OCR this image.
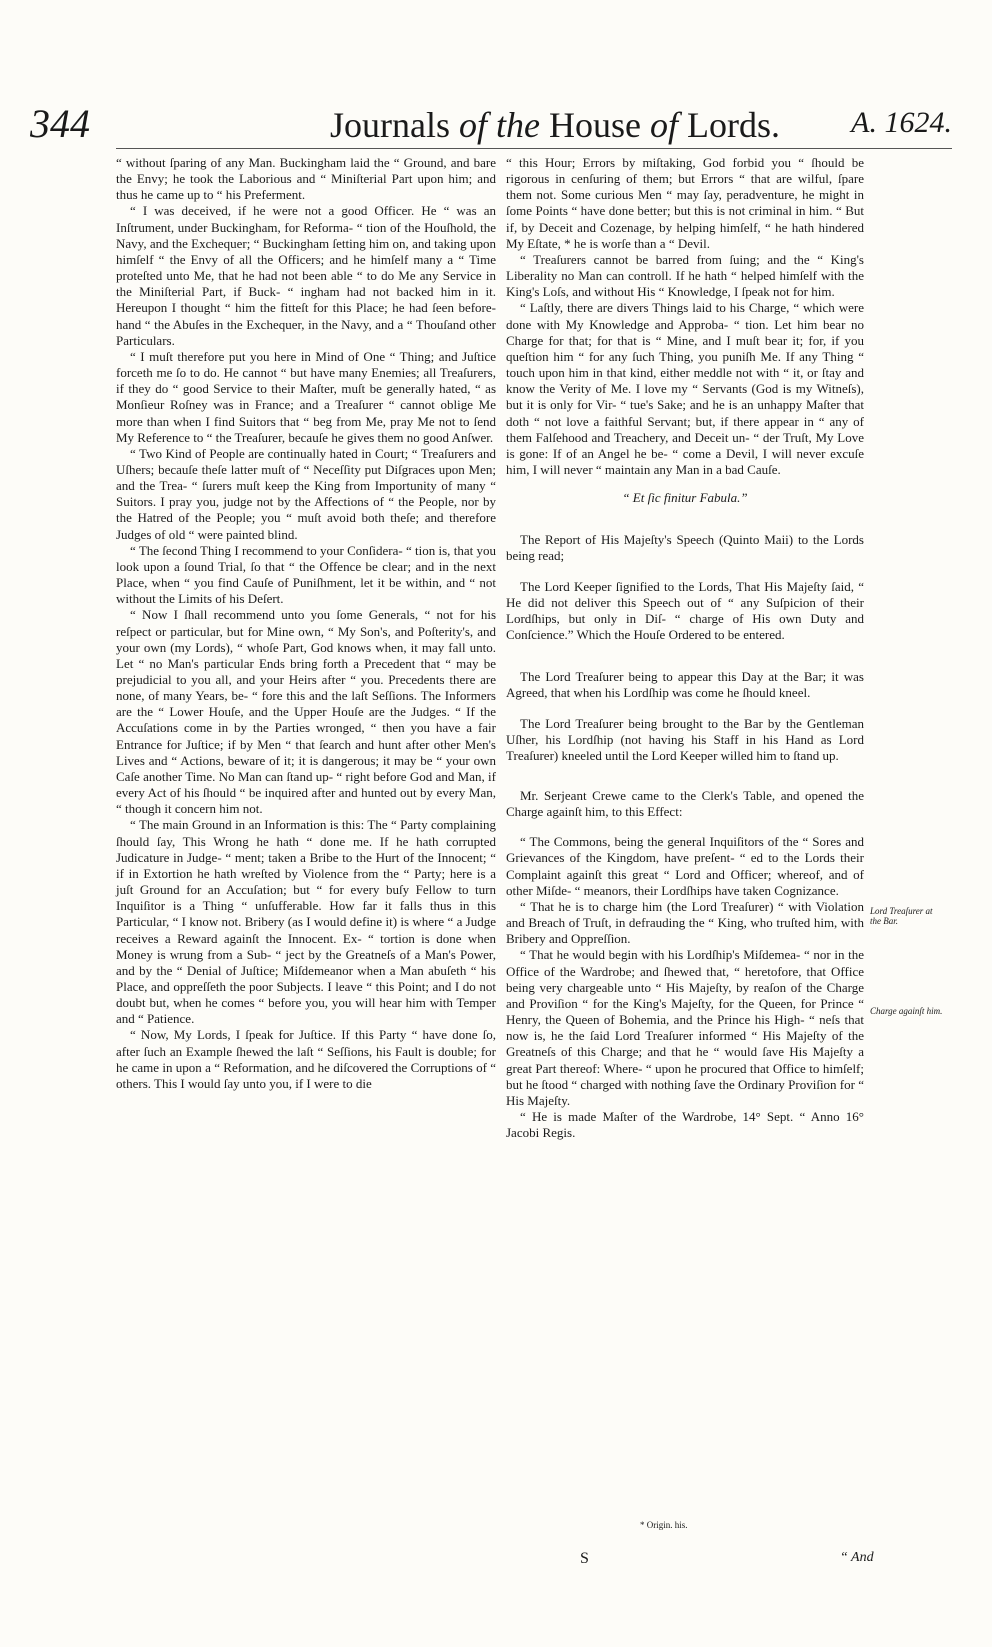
344	Journals of the House of Lords. A. 1624.

“ without ſparing of any Man. Buckingham laid the “ Ground, and bare the Envy; he took the Laborious and “ Miniſterial Part upon him; and thus he came up to “ his Preferment.

“ I was deceived, if he were not a good Officer. He “ was an Inſtrument, under Buckingham, for Reforma- “ tion of the Houſhold, the Navy, and the Exchequer; “ Buckingham ſetting him on, and taking upon himſelf “ the Envy of all the Officers; and he himſelf many a “ Time proteſted unto Me, that he had not been able “ to do Me any Service in the Miniſterial Part, if Buck- “ ingham had not backed him in it. Hereupon I thought “ him the fitteſt for this Place; he had ſeen before-hand “ the Abuſes in the Exchequer, in the Navy, and a “ Thouſand other Particulars.

“ I muſt therefore put you here in Mind of One “ Thing; and Juſtice forceth me ſo to do. He cannot “ but have many Enemies; all Treaſurers, if they do “ good Service to their Maſter, muſt be generally hated, “ as Monſieur Roſney was in France; and a Treaſurer “ cannot oblige Me more than when I find Suitors that “ beg from Me, pray Me not to ſend My Reference to “ the Treaſurer, becauſe he gives them no good Anſwer.

“ Two Kind of People are continually hated in Court; “ Treaſurers and Uſhers; becauſe theſe latter muſt of “ Neceſſity put Diſgraces upon Men; and the Trea- “ ſurers muſt keep the King from Importunity of many “ Suitors. I pray you, judge not by the Affections of “ the People, nor by the Hatred of the People; you “ muſt avoid both theſe; and therefore Judges of old “ were painted blind.

“ The ſecond Thing I recommend to your Conſidera- “ tion is, that you look upon a ſound Trial, ſo that “ the Offence be clear; and in the next Place, when “ you find Cauſe of Puniſhment, let it be within, and “ not without the Limits of his Deſert.

“ Now I ſhall recommend unto you ſome Generals, “ not for his reſpect or particular, but for Mine own, “ My Son's, and Poſterity's, and your own (my Lords), “ whoſe Part, God knows when, it may fall unto. Let “ no Man's particular Ends bring forth a Precedent that “ may be prejudicial to you all, and your Heirs after “ you. Precedents there are none, of many Years, be- “ fore this and the laſt Seſſions. The Informers are the “ Lower Houſe, and the Upper Houſe are the Judges. “ If the Accuſations come in by the Parties wronged, “ then you have a fair Entrance for Juſtice; if by Men “ that ſearch and hunt after other Men's Lives and “ Actions, beware of it; it is dangerous; it may be “ your own Caſe another Time. No Man can ſtand up- “ right before God and Man, if every Act of his ſhould “ be inquired after and hunted out by every Man, “ though it concern him not.

“ The main Ground in an Information is this: The “ Party complaining ſhould ſay, This Wrong he hath “ done me. If he hath corrupted Judicature in Judge- “ ment; taken a Bribe to the Hurt of the Innocent; “ if in Extortion he hath wreſted by Violence from the “ Party; here is a juſt Ground for an Accuſation; but “ for every buſy Fellow to turn Inquiſitor is a Thing “ unſufferable. How far it falls thus in this Particular, “ I know not. Bribery (as I would define it) is where “ a Judge receives a Reward againſt the Innocent. Ex- “ tortion is done when Money is wrung from a Sub- “ ject by the Greatneſs of a Man's Power, and by the “ Denial of Juſtice; Miſdemeanor when a Man abuſeth “ his Place, and oppreſſeth the poor Subjects. I leave “ this Point; and I do not doubt but, when he comes “ before you, you will hear him with Temper and “ Patience.

“ Now, My Lords, I ſpeak for Juſtice. If this Party “ have done ſo, after ſuch an Example ſhewed the laſt “ Seſſions, his Fault is double; for he came in upon a “ Reformation, and he diſcovered the Corruptions of “ others. This I would ſay unto you, if I were to die

“ this Hour; Errors by miſtaking, God forbid you “ ſhould be rigorous in cenſuring of them; but Errors “ that are wilful, ſpare them not. Some curious Men “ may ſay, peradventure, he might in ſome Points “ have done better; but this is not criminal in him. “ But if, by Deceit and Cozenage, by helping himſelf, “ he hath hindered My Eſtate, * he is worſe than a “ Devil.

“ Treaſurers cannot be barred from ſuing; and the “ King's Liberality no Man can controll. If he hath “ helped himſelf with the King's Loſs, and without His “ Knowledge, I ſpeak not for him.

“ Laſtly, there are divers Things laid to his Charge, “ which were done with My Knowledge and Approba- “ tion. Let him bear no Charge for that; for that is “ Mine, and I muſt bear it; for, if you queſtion him “ for any ſuch Thing, you puniſh Me. If any Thing “ touch upon him in that kind, either meddle not with “ it, or ſtay and know the Verity of Me. I love my “ Servants (God is my Witneſs), but it is only for Vir- “ tue's Sake; and he is an unhappy Maſter that doth “ not love a faithful Servant; but, if there appear in “ any of them Falſehood and Treachery, and Deceit un- “ der Truſt, My Love is gone: If of an Angel he be- “ come a Devil, I will never excuſe him, I will never “ maintain any Man in a bad Cauſe.

“ Et ſic finitur Fabula.”

The Report of His Majeſty's Speech (Quinto Maii) to the Lords being read;

The Lord Keeper ſignified to the Lords, That His Majeſty ſaid, “ He did not deliver this Speech out of “ any Suſpicion of their Lordſhips, but only in Diſ- “ charge of His own Duty and Conſcience.” Which the Houſe Ordered to be entered.

The Lord Treaſurer being to appear this Day at the Bar; it was Agreed, that when his Lordſhip was come he ſhould kneel.

The Lord Treaſurer being brought to the Bar by the Gentleman Uſher, his Lordſhip (not having his Staff in his Hand as Lord Treaſurer) kneeled until the Lord Keeper willed him to ſtand up.

Mr. Serjeant Crewe came to the Clerk's Table, and opened the Charge againſt him, to this Effect:

“ The Commons, being the general Inquiſitors of the “ Sores and Grievances of the Kingdom, have preſent- “ ed to the Lords their Complaint againſt this great “ Lord and Officer; whereof, and of other Miſde- “ meanors, their Lordſhips have taken Cognizance.

“ That he is to charge him (the Lord Treaſurer) “ with Violation and Breach of Truſt, in defrauding the “ King, who truſted him, with Bribery and Oppreſſion.

“ That he would begin with his Lordſhip's Miſdemea- “ nor in the Office of the Wardrobe; and ſhewed that, “ heretofore, that Office being very chargeable unto “ His Majeſty, by reaſon of the Charge and Proviſion “ for the King's Majeſty, for the Queen, for Prince “ Henry, the Queen of Bohemia, and the Prince his High- “ neſs that now is, he the ſaid Lord Treaſurer informed “ His Majeſty of the Greatneſs of this Charge; and that he “ would ſave His Majeſty a great Part thereof: Where- “ upon he procured that Office to himſelf; but he ſtood “ charged with nothing ſave the Ordinary Proviſion for “ His Majeſty.

“ He is made Maſter of the Wardrobe, 14° Sept. “ Anno 16° Jacobi Regis.

Lord Treaſurer at the Bar.
Charge againſt him.
* Origin. his.
S	“ And
